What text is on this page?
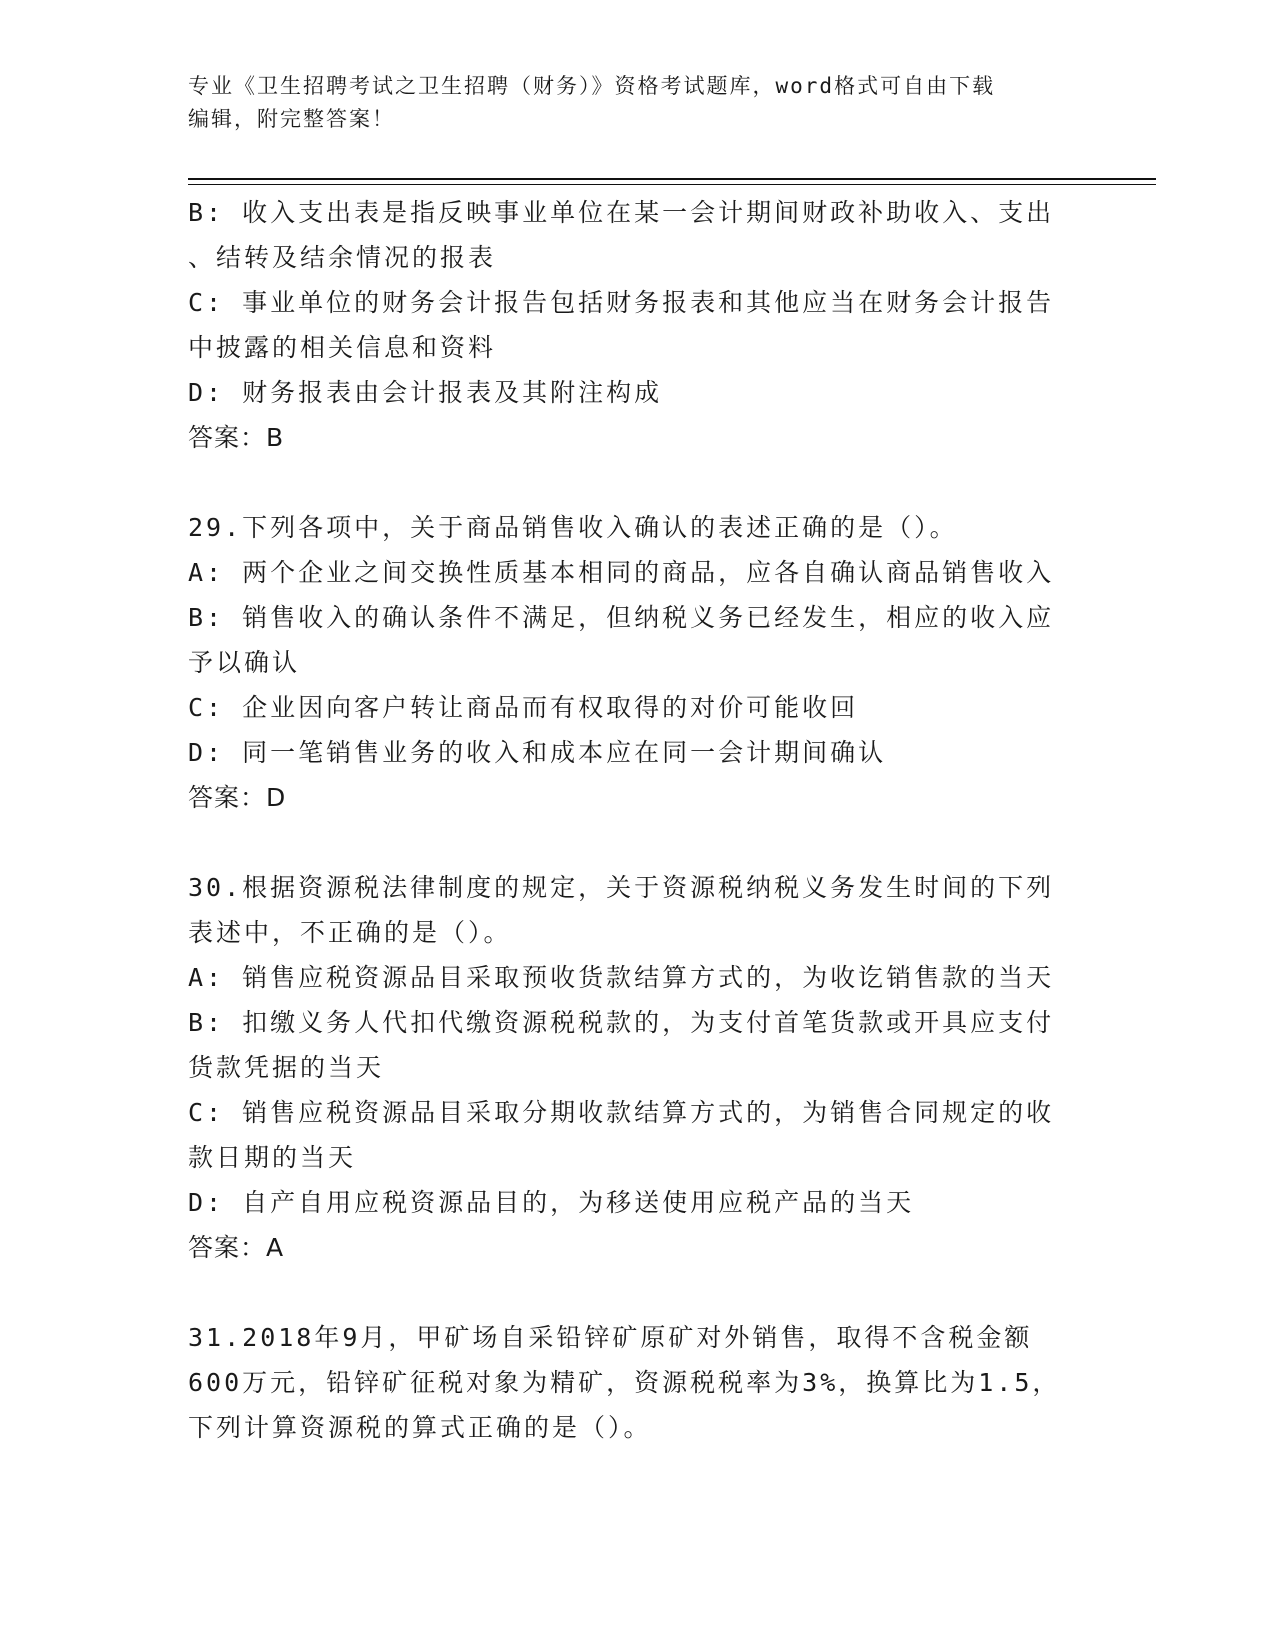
专业《卫生招聘考试之卫生招聘（财务）》资格考试题库，word格式可自由下载
编辑，附完整答案！

B: 收入支出表是指反映事业单位在某一会计期间财政补助收入、支出

、结转及结余情况的报表

C: 事业单位的财务会计报告包括财务报表和其他应当在财务会计报告

中披露的相关信息和资料

D: 财务报表由会计报表及其附注构成

答案：B

29.下列各项中，关于商品销售收入确认的表述正确的是（）。

A: 两个企业之间交换性质基本相同的商品，应各自确认商品销售收入

B: 销售收入的确认条件不满足，但纳税义务已经发生，相应的收入应

予以确认

C: 企业因向客户转让商品而有权取得的对价可能收回

D: 同一笔销售业务的收入和成本应在同一会计期间确认

答案：D

30.根据资源税法律制度的规定，关于资源税纳税义务发生时间的下列

表述中，不正确的是（）。

A: 销售应税资源品目采取预收货款结算方式的，为收讫销售款的当天

B: 扣缴义务人代扣代缴资源税税款的，为支付首笔货款或开具应支付

货款凭据的当天

C: 销售应税资源品目采取分期收款结算方式的，为销售合同规定的收

款日期的当天

D: 自产自用应税资源品目的，为移送使用应税产品的当天

答案：A

31.2018年9月，甲矿场自采铅锌矿原矿对外销售，取得不含税金额

600万元，铅锌矿征税对象为精矿，资源税税率为3%，换算比为1.5，

下列计算资源税的算式正确的是（）。
